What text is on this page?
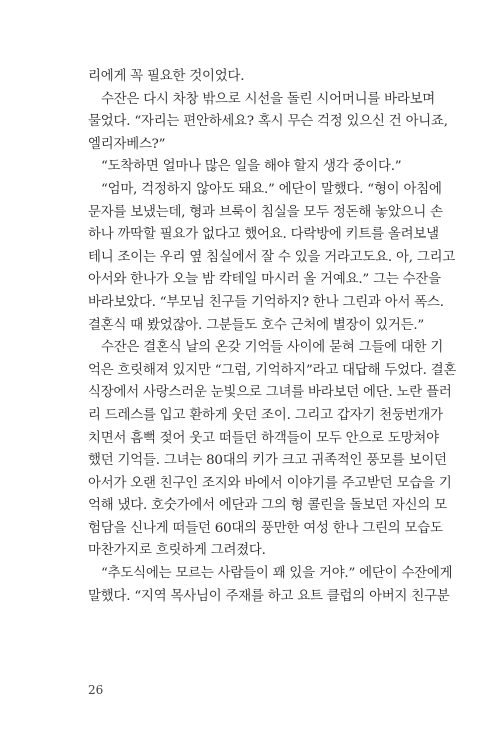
리에게 꼭 필요한 것이었다.
수잔은 다시 차창 밖으로 시선을 돌린 시어머니를 바라보며
물었다. “자리는 편안하세요? 혹시 무슨 걱정 있으신 건 아니죠,
엘리자베스?”
“도착하면 얼마나 많은 일을 해야 할지 생각 중이다.”
“엄마, 걱정하지 않아도 돼요.” 에단이 말했다. “형이 아침에
문자를 보냈는데, 형과 브룩이 침실을 모두 정돈해 놓았으니 손
하나 까딱할 필요가 없다고 했어요. 다락방에 키트를 올려보낼
테니 조이는 우리 옆 침실에서 잘 수 있을 거라고도요. 아, 그리고
아서와 한나가 오늘 밤 칵테일 마시러 올 거예요.” 그는 수잔을
바라보았다. “부모님 친구들 기억하지? 한나 그린과 아서 폭스.
결혼식 때 봤었잖아. 그분들도 호수 근처에 별장이 있거든.”
수잔은 결혼식 날의 온갖 기억들 사이에 묻혀 그들에 대한 기
억은 흐릿해져 있지만 “그럼, 기억하지”라고 대답해 두었다. 결혼
식장에서 사랑스러운 눈빛으로 그녀를 바라보던 에단. 노란 플러
리 드레스를 입고 환하게 웃던 조이. 그리고 갑자기 천둥번개가
치면서 흠뻑 젖어 웃고 떠들던 하객들이 모두 안으로 도망쳐야
했던 기억들. 그녀는 80대의 키가 크고 귀족적인 풍모를 보이던
아서가 오랜 친구인 조지와 바에서 이야기를 주고받던 모습을 기
억해 냈다. 호숫가에서 에단과 그의 형 콜린을 돌보던 자신의 모
험담을 신나게 떠들던 60대의 풍만한 여성 한나 그린의 모습도
마찬가지로 흐릿하게 그려졌다.
“추도식에는 모르는 사람들이 꽤 있을 거야.” 에단이 수잔에게
말했다. “지역 목사님이 주재를 하고 요트 클럽의 아버지 친구분
26
